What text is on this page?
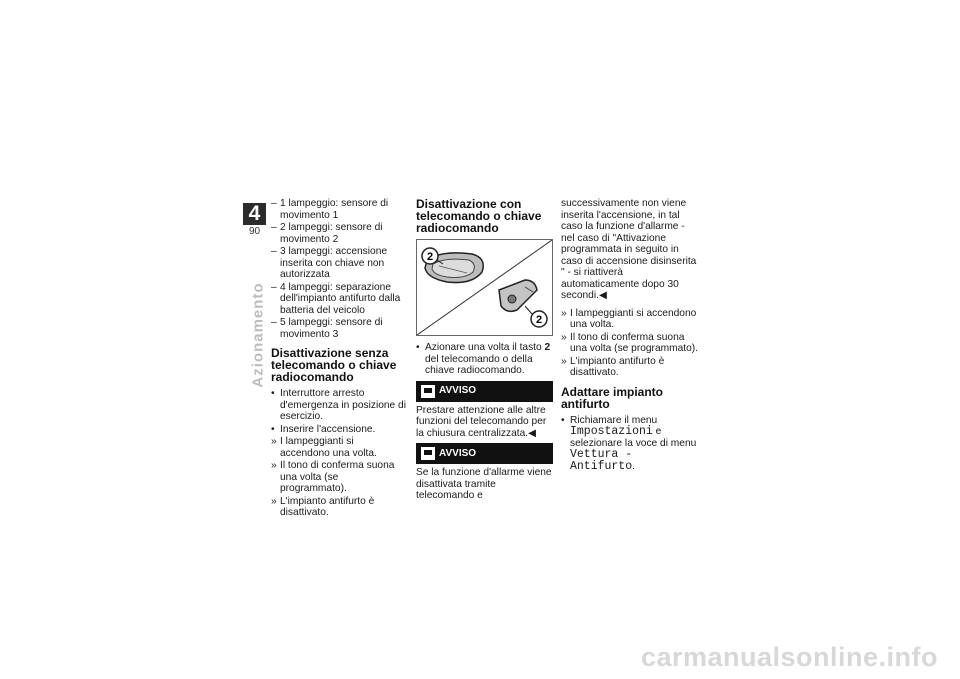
4
90
Azionamento
– 1 lampeggio: sensore di movimento 1
– 2 lampeggi: sensore di movimento 2
– 3 lampeggi: accensione inserita con chiave non autorizzata
– 4 lampeggi: separazione dell'impianto antifurto dalla batteria del veicolo
– 5 lampeggi: sensore di movimento 3
Disattivazione senza telecomando o chiave radiocomando
• Interruttore arresto d'emergenza in posizione di esercizio.
• Inserire l'accensione.
» I lampeggianti si accendono una volta.
» Il tono di conferma suona una volta (se programmato).
» L'impianto antifurto è disattivato.
Disattivazione con telecomando o chiave radiocomando
2
2
• Azionare una volta il tasto 2 del telecomando o della chiave radiocomando.
AVVISO

Prestare attenzione alle altre funzioni del telecomando per la chiusura centralizzata.◀

AVVISO

Se la funzione d'allarme viene disattivata tramite telecomando e

successivamente non viene inserita l'accensione, in tal caso la funzione d'allarme - nel caso di "Attivazione programmata in seguito in caso di accensione disinserita " - si riattiverà automaticamente dopo 30 secondi.◀

» I lampeggianti si accendono una volta.
» Il tono di conferma suona una volta (se programmato).
» L'impianto antifurto è disattivato.
Adattare impianto antifurto
• Richiamare il menu Impostazioni e selezionare la voce di menu Vettura - Antifurto.
carmanualsonline.info
